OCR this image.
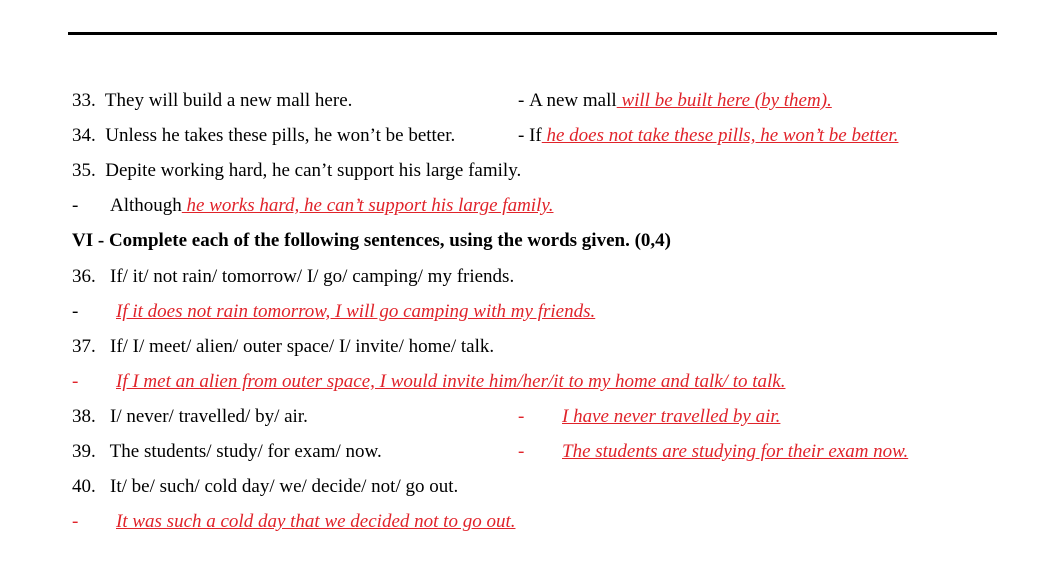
33. They will build a new mall here.	- A new mall will be built here (by them).
34. Unless he takes these pills, he won’t be better.	- If he does not take these pills, he won’t be better.
35. Depite working hard, he can’t support his large family.
- Although he works hard, he can’t support his large family.
VI - Complete each of the following sentences, using the words given. (0,4)
36. If/ it/ not rain/ tomorrow/ I/ go/ camping/ my friends.
- If it does not rain tomorrow, I will go camping with my friends.
37. If/ I/ meet/ alien/ outer space/ I/ invite/ home/ talk.
- If I met an alien from outer space, I would invite him/her/it to my home and talk/ to talk.
38. I/ never/ travelled/ by/ air.	- I have never travelled by air.
39. The students/ study/ for exam/ now.	- The students are studying for their exam now.
40. It/ be/ such/ cold day/ we/ decide/ not/ go out.
- It was such a cold day that we decided not to go out.
